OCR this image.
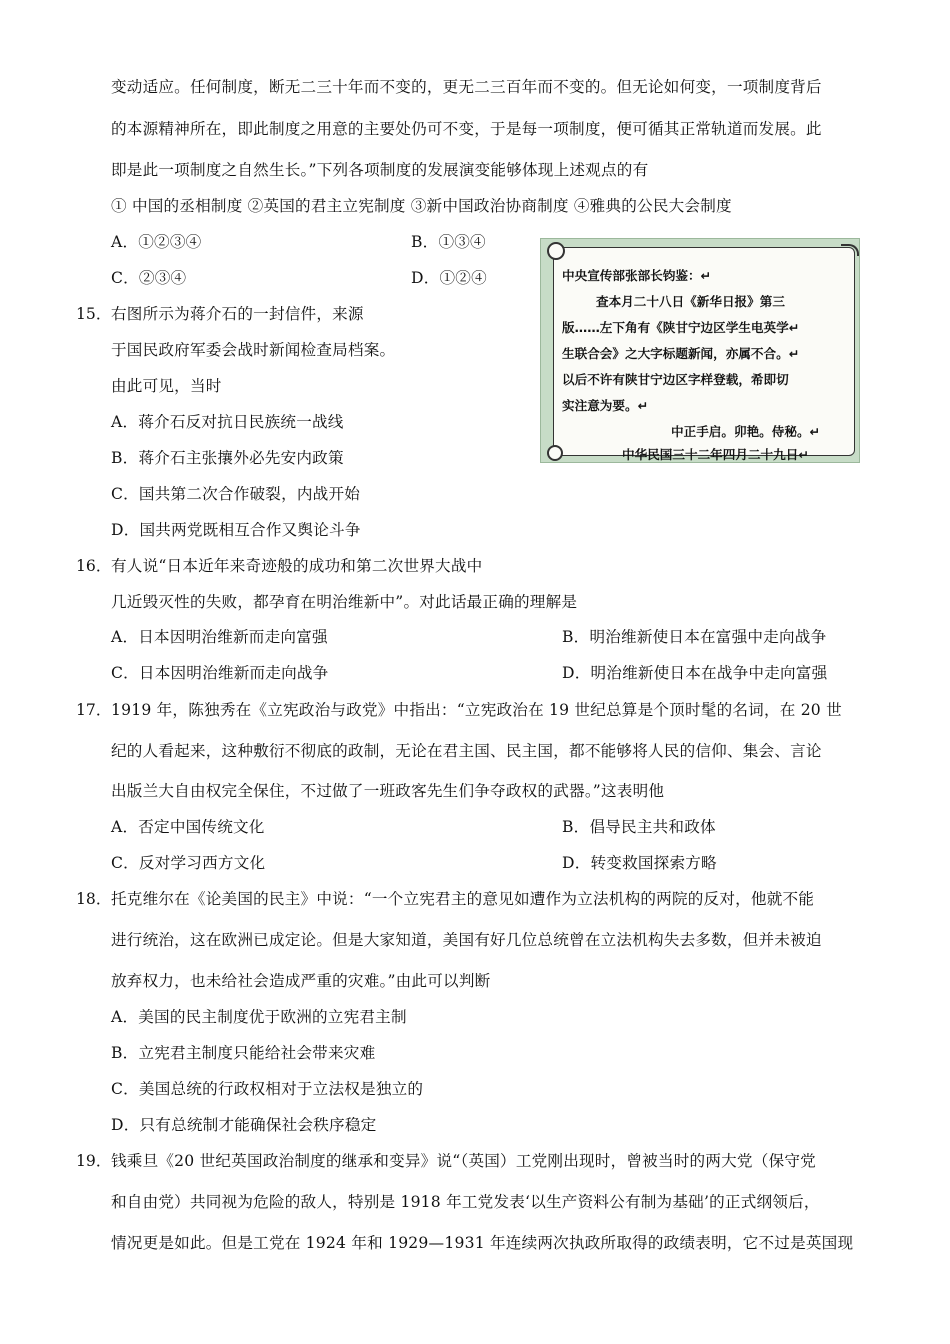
变动适应。任何制度，断无二三十年而不变的，更无二三百年而不变的。但无论如何变，一项制度背后
的本源精神所在，即此制度之用意的主要处仍可不变，于是每一项制度，便可循其正常轨道而发展。此
即是此一项制度之自然生长。”下列各项制度的发展演变能够体现上述观点的有
① 中国的丞相制度 ②英国的君主立宪制度 ③新中国政治协商制度 ④雅典的公民大会制度
A．①②③④	B．①③④
C．②③④	D．①②④
15． 右图所示为蒋介石的一封信件，来源
于国民政府军委会战时新闻检查局档案。
由此可见，当时
A．蒋介石反对抗日民族统一战线
B．蒋介石主张攘外必先安内政策
C．国共第二次合作破裂，内战开始
D．国共两党既相互合作又舆论斗争
中央宣传部张部长钧鉴：↵
查本月二十八日《新华日报》第三
版……左下角有《陕甘宁边区学生电英学↵
生联合会》之大字标题新闻，亦属不合。↵
以后不许有陕甘宁边区字样登载，希即切
实注意为要。↵
中正手启。卯艳。侍秘。↵
中华民国三十二年四月二十九日↵
16． 有人说“日本近年来奇迹般的成功和第二次世界大战中
几近毁灭性的失败，都孕育在明治维新中”。对此话最正确的理解是
A．日本因明治维新而走向富强	B．明治维新使日本在富强中走向战争
C．日本因明治维新而走向战争	D．明治维新使日本在战争中走向富强
17． 1919 年，陈独秀在《立宪政治与政党》中指出：“立宪政治在 19 世纪总算是个顶时髦的名词，在 20 世
纪的人看起来，这种敷衍不彻底的政制，无论在君主国、民主国，都不能够将人民的信仰、集会、言论
出版兰大自由权完全保住，不过做了一班政客先生们争夺政权的武器。”这表明他
A．否定中国传统文化	B．倡导民主共和政体
C．反对学习西方文化	D．转变救国探索方略
18． 托克维尔在《论美国的民主》中说：“一个立宪君主的意见如遭作为立法机构的两院的反对，他就不能
进行统治，这在欧洲已成定论。但是大家知道，美国有好几位总统曾在立法机构失去多数，但并未被迫
放弃权力，也未给社会造成严重的灾难。”由此可以判断
A．美国的民主制度优于欧洲的立宪君主制
B．立宪君主制度只能给社会带来灾难
C．美国总统的行政权相对于立法权是独立的
D．只有总统制才能确保社会秩序稳定
19． 钱乘旦《20 世纪英国政治制度的继承和变异》说“（英国）工党刚出现时，曾被当时的两大党（保守党
和自由党）共同视为危险的敌人，特别是 1918 年工党发表‘以生产资料公有制为基础’的正式纲领后，
情况更是如此。但是工党在 1924 年和 1929—1931 年连续两次执政所取得的政绩表明，它不过是英国现
